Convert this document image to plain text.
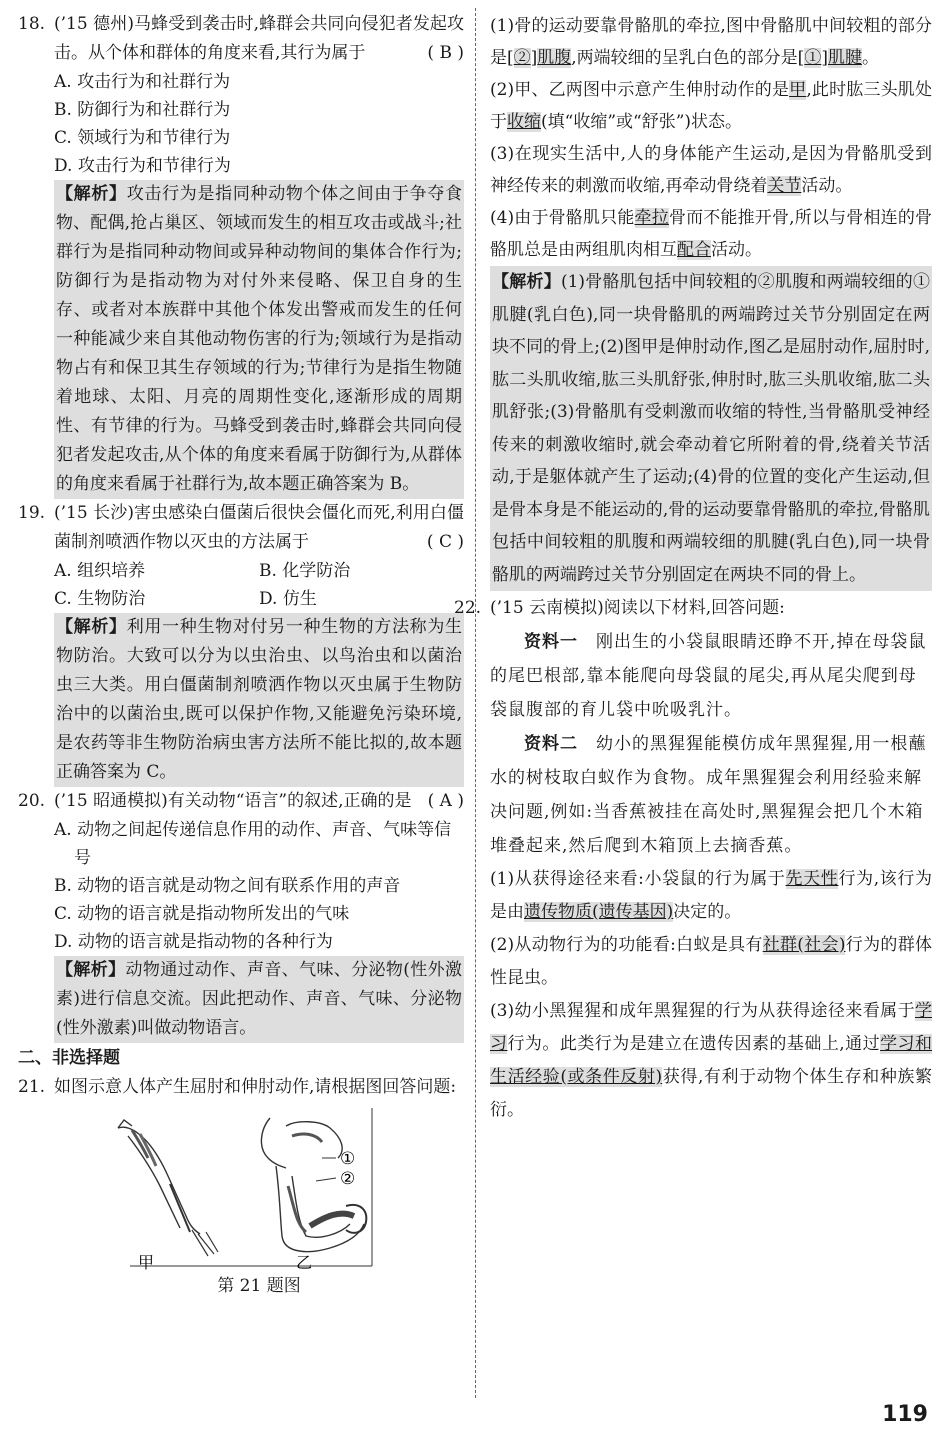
18. (’15 德州)马蜂受到袭击时,蜂群会共同向侵犯者发起攻击。从个体和群体的角度来看,其行为属于	( B )
A. 攻击行为和社群行为
B. 防御行为和社群行为
C. 领域行为和节律行为
D. 攻击行为和节律行为
【解析】攻击行为是指同种动物个体之间由于争夺食物、配偶,抢占巢区、领域而发生的相互攻击或战斗;社群行为是指同种动物间或异种动物间的集体合作行为;防御行为是指动物为对付外来侵略、保卫自身的生存、或者对本族群中其他个体发出警戒而发生的任何一种能减少来自其他动物伤害的行为;领域行为是指动物占有和保卫其生存领域的行为;节律行为是指生物随着地球、太阳、月亮的周期性变化,逐渐形成的周期性、有节律的行为。马蜂受到袭击时,蜂群会共同向侵犯者发起攻击,从个体的角度来看属于防御行为,从群体的角度来看属于社群行为,故本题正确答案为 B。
19. (’15 长沙)害虫感染白僵菌后很快会僵化而死,利用白僵菌制剂喷洒作物以灭虫的方法属于	( C )
A. 组织培养	B. 化学防治
C. 生物防治	D. 仿生
【解析】利用一种生物对付另一种生物的方法称为生物防治。大致可以分为以虫治虫、以鸟治虫和以菌治虫三大类。用白僵菌制剂喷洒作物以灭虫属于生物防治中的以菌治虫,既可以保护作物,又能避免污染环境,是农药等非生物防治病虫害方法所不能比拟的,故本题正确答案为 C。
20. (’15 昭通模拟)有关动物“语言”的叙述,正确的是 ( A )
A. 动物之间起传递信息作用的动作、声音、气味等信号
B. 动物的语言就是动物之间有联系作用的声音
C. 动物的语言就是指动物所发出的气味
D. 动物的语言就是指动物的各种行为
【解析】动物通过动作、声音、气味、分泌物(性外激素)进行信息交流。因此把动作、声音、气味、分泌物(性外激素)叫做动物语言。
二、非选择题
21. 如图示意人体产生屈肘和伸肘动作,请根据图回答问题:
①
②
甲	乙
第 21 题图
(1)骨的运动要靠骨骼肌的牵拉,图中骨骼肌中间较粗的部分是[②]肌腹,两端较细的呈乳白色的部分是[①]肌腱。
(2)甲、乙两图中示意产生伸肘动作的是甲,此时肱三头肌处于收缩(填“收缩”或“舒张”)状态。
(3)在现实生活中,人的身体能产生运动,是因为骨骼肌受到神经传来的刺激而收缩,再牵动骨绕着关节活动。
(4)由于骨骼肌只能牵拉骨而不能推开骨,所以与骨相连的骨骼肌总是由两组肌肉相互配合活动。
【解析】(1)骨骼肌包括中间较粗的②肌腹和两端较细的①肌腱(乳白色),同一块骨骼肌的两端跨过关节分别固定在两块不同的骨上;(2)图甲是伸肘动作,图乙是屈肘动作,屈肘时,肱二头肌收缩,肱三头肌舒张,伸肘时,肱三头肌收缩,肱二头肌舒张;(3)骨骼肌有受刺激而收缩的特性,当骨骼肌受神经传来的刺激收缩时,就会牵动着它所附着的骨,绕着关节活动,于是躯体就产生了运动;(4)骨的位置的变化产生运动,但是骨本身是不能运动的,骨的运动要靠骨骼肌的牵拉,骨骼肌包括中间较粗的肌腹和两端较细的肌腱(乳白色),同一块骨骼肌的两端跨过关节分别固定在两块不同的骨上。
22. (’15 云南模拟)阅读以下材料,回答问题:
资料一　 刚出生的小袋鼠眼睛还睁不开,掉在母袋鼠的尾巴根部,靠本能爬向母袋鼠的尾尖,再从尾尖爬到母袋鼠腹部的育儿袋中吮吸乳汁。
资料二　 幼小的黑猩猩能模仿成年黑猩猩,用一根蘸水的树枝取白蚁作为食物。成年黑猩猩会利用经验来解决问题,例如:当香蕉被挂在高处时,黑猩猩会把几个木箱堆叠起来,然后爬到木箱顶上去摘香蕉。
(1)从获得途径来看:小袋鼠的行为属于先天性行为,该行为是由遗传物质(遗传基因)决定的。
(2)从动物行为的功能看:白蚁是具有社群(社会)行为的群体性昆虫。
(3)幼小黑猩猩和成年黑猩猩的行为从获得途径来看属于学习行为。此类行为是建立在遗传因素的基础上,通过学习和生活经验(或条件反射)获得,有利于动物个体生存和种族繁衍。
119
